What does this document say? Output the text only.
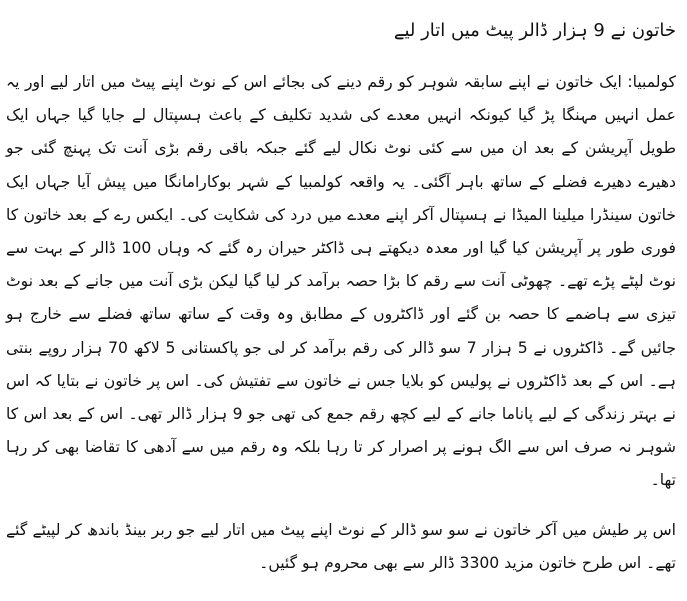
خاتون نے 9 ہزار ڈالر پیٹ میں اتار لیے

کولمبیا: ایک خاتون نے اپنے سابقہ شوہر کو رقم دینے کی بجائے اس کے نوٹ اپنے پیٹ میں اتار لیے اور یہ عمل انہیں مہنگا پڑ گیا کیونکہ انہیں معدے کی شدید تکلیف کے باعث ہسپتال لے جایا گیا جہاں ایک طویل آپریشن کے بعد ان میں سے کئی نوٹ نکال لیے گئے جبکہ باقی رقم بڑی آنت تک پہنچ گئی جو دھیرے دھیرے فضلے کے ساتھ باہر آگئی۔ یہ واقعہ کولمبیا کے شہر بوکارامانگا میں پیش آیا جہاں ایک خاتون سینڈرا میلینا المیڈا نے ہسپتال آکر اپنے معدے میں درد کی شکایت کی۔ ایکس رے کے بعد خاتون کا فوری طور پر آپریشن کیا گیا اور معدہ دیکھتے ہی ڈاکٹر حیران رہ گئے کہ وہاں 100 ڈالر کے بہت سے نوٹ لپٹے پڑے تھے۔ چھوٹی آنت سے رقم کا بڑا حصہ برآمد کر لیا گیا لیکن بڑی آنت میں جانے کے بعد نوٹ تیزی سے ہاضمے کا حصہ بن گئے اور ڈاکٹروں کے مطابق وہ وقت کے ساتھ ساتھ فضلے سے خارج ہو جائیں گے۔ ڈاکٹروں نے 5 ہزار 7 سو ڈالر کی رقم برآمد کر لی جو پاکستانی 5 لاکھ 70 ہزار روپے بنتی ہے۔ اس کے بعد ڈاکٹروں نے پولیس کو بلایا جس نے خاتون سے تفتیش کی۔ اس پر خاتون نے بتایا کہ اس نے بہتر زندگی کے لیے پاناما جانے کے لیے کچھ رقم جمع کی تھی جو 9 ہزار ڈالر تھی۔ اس کے بعد اس کا شوہر نہ صرف اس سے الگ ہونے پر اصرار کر تا رہا بلکہ وہ رقم میں سے آدھی کا تقاضا بھی کر رہا تھا۔

اس پر طیش میں آکر خاتون نے سو سو ڈالر کے نوٹ اپنے پیٹ میں اتار لیے جو ربر بینڈ باندھ کر لپیٹے گئے تھے۔ اس طرح خاتون مزید 3300 ڈالر سے بھی محروم ہو گئیں۔
